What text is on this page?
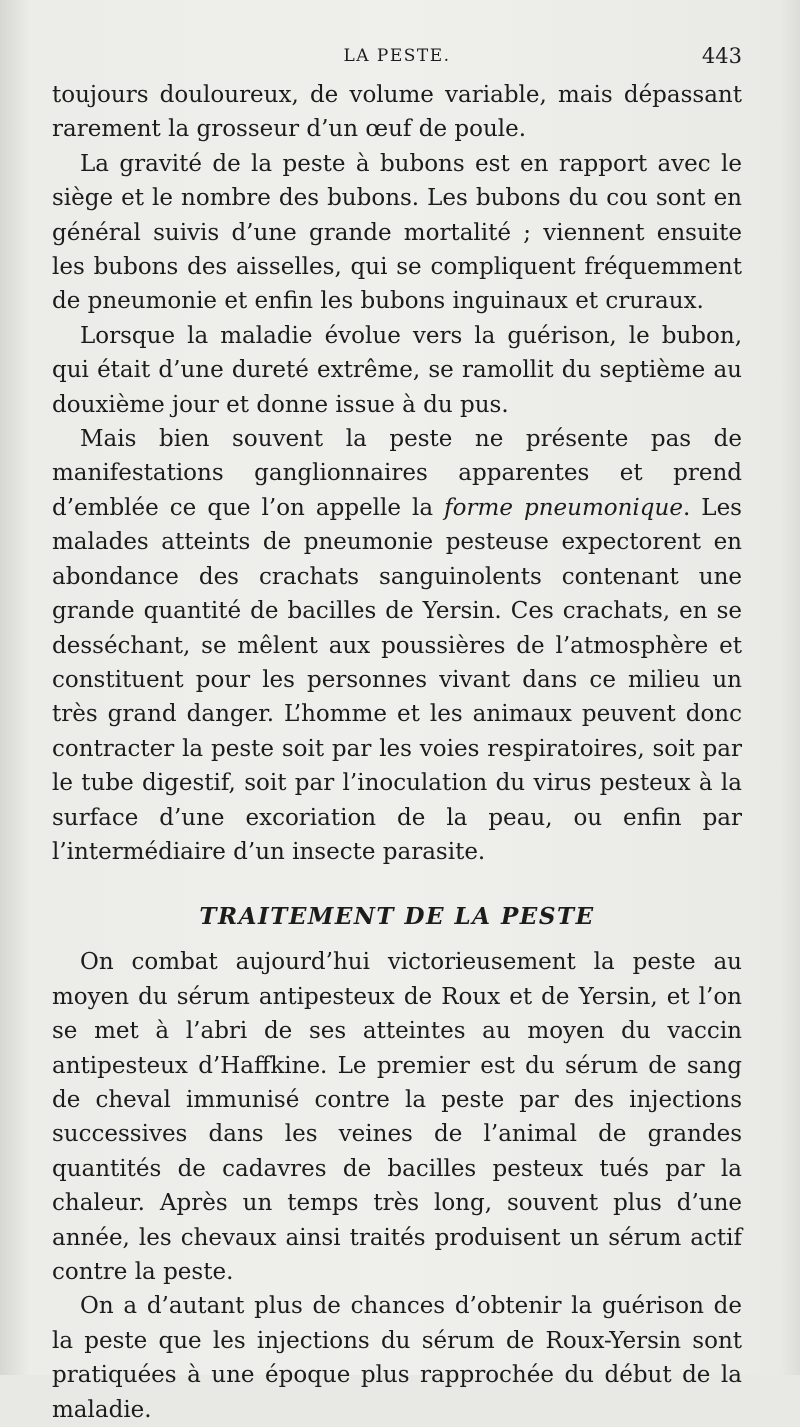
LA PESTE.	443

toujours douloureux, de volume variable, mais dépassant rarement la grosseur d’un œuf de poule.

La gravité de la peste à bubons est en rapport avec le siège et le nombre des bubons. Les bubons du cou sont en général suivis d’une grande mortalité ; viennent ensuite les bubons des aisselles, qui se compliquent fréquemment de pneumonie et enfin les bubons inguinaux et cruraux.

Lorsque la maladie évolue vers la guérison, le bubon, qui était d’une dureté extrême, se ramollit du septième au douxième jour et donne issue à du pus.

Mais bien souvent la peste ne présente pas de manifestations ganglionnaires apparentes et prend d’emblée ce que l’on appelle la forme pneumonique. Les malades atteints de pneumonie pesteuse expectorent en abondance des crachats sanguinolents contenant une grande quantité de bacilles de Yersin. Ces crachats, en se desséchant, se mêlent aux poussières de l’atmosphère et constituent pour les personnes vivant dans ce milieu un très grand danger. L’homme et les animaux peuvent donc contracter la peste soit par les voies respiratoires, soit par le tube digestif, soit par l’inoculation du virus pesteux à la surface d’une excoriation de la peau, ou enfin par l’intermédiaire d’un insecte parasite.

TRAITEMENT DE LA PESTE

On combat aujourd’hui victorieusement la peste au moyen du sérum antipesteux de Roux et de Yersin, et l’on se met à l’abri de ses atteintes au moyen du vaccin antipesteux d’Haffkine. Le premier est du sérum de sang de cheval immunisé contre la peste par des injections successives dans les veines de l’animal de grandes quantités de cadavres de bacilles pesteux tués par la chaleur. Après un temps très long, souvent plus d’une année, les chevaux ainsi traités produisent un sérum actif contre la peste.

On a d’autant plus de chances d’obtenir la guérison de la peste que les injections du sérum de Roux-Yersin sont pratiquées à une époque plus rapprochée du début de la maladie.
